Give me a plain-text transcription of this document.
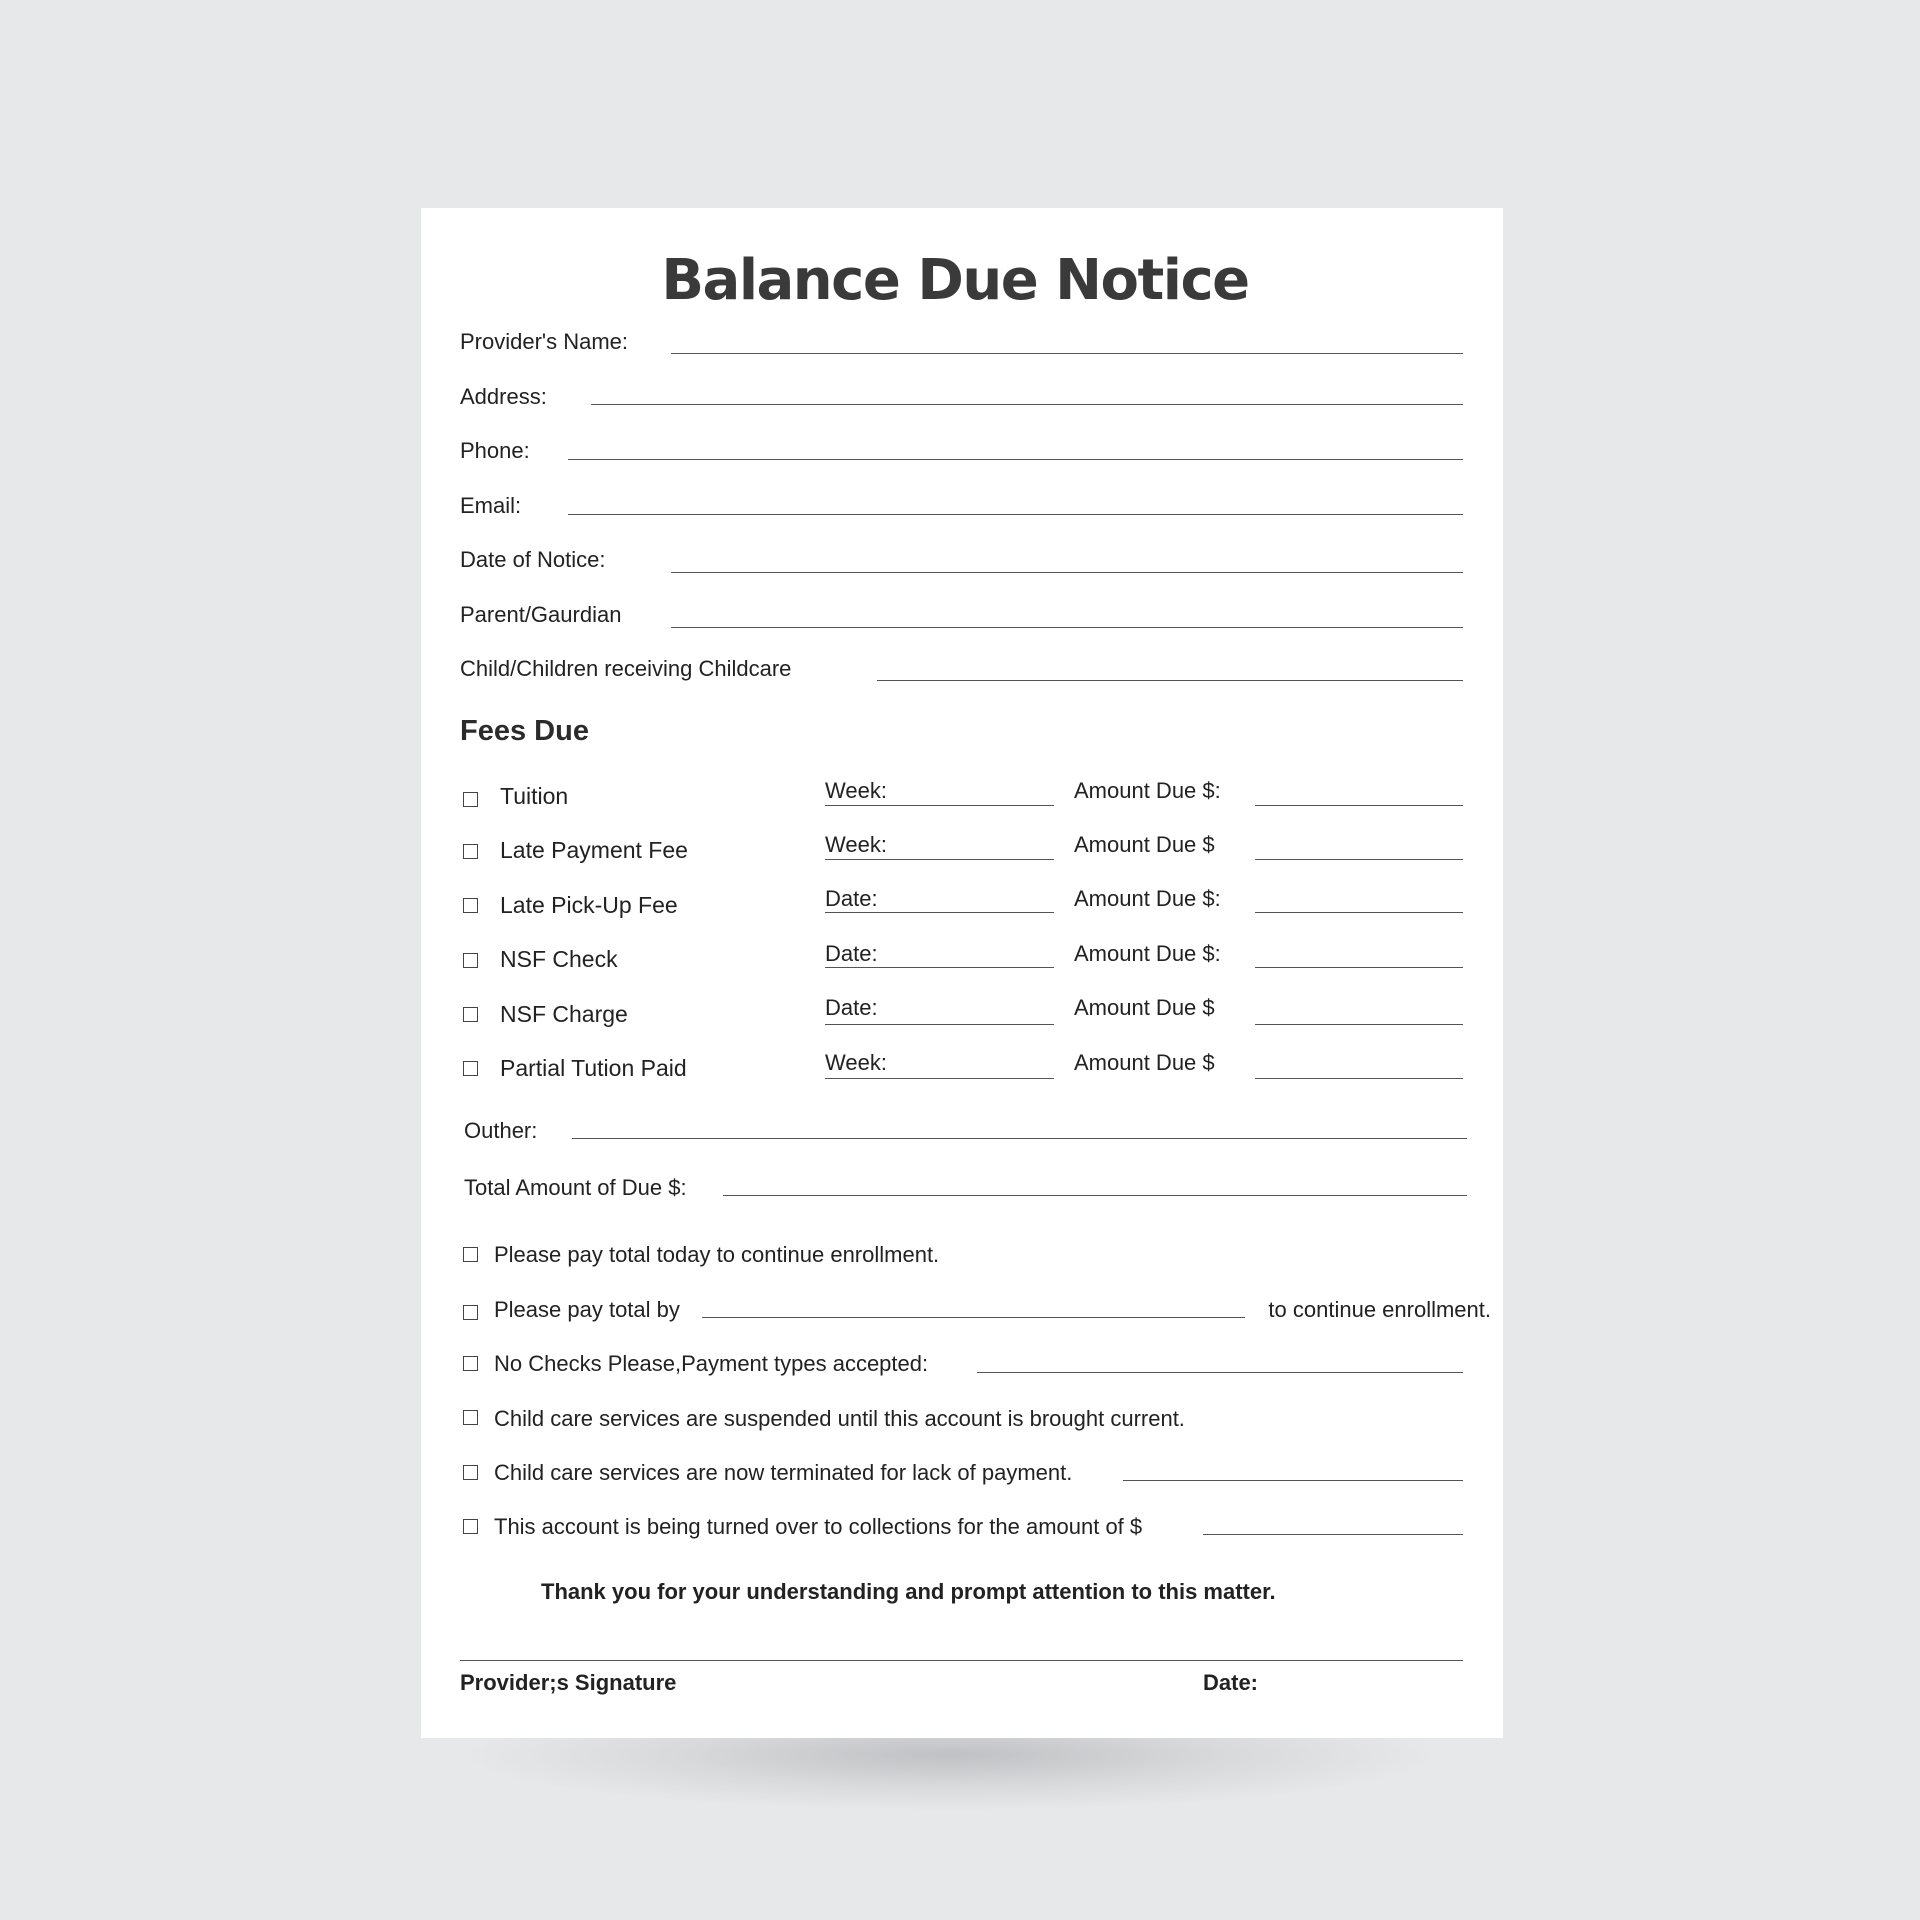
Balance Due Notice
Provider's Name:
Address:
Phone:
Email:
Date of Notice:
Parent/Gaurdian
Child/Children receiving Childcare
Fees Due
Tuition	Week:	Amount Due $:
Late Payment Fee	Week:	Amount Due $
Late Pick-Up Fee	Date:	Amount Due $:
NSF Check	Date:	Amount Due $:
NSF Charge	Date:	Amount Due $
Partial Tution Paid	Week:	Amount Due $
Outher:
Total Amount of Due $:
Please pay total today to continue enrollment.
Please pay total by	to continue enrollment.
No Checks Please,Payment types accepted:
Child care services are suspended until this account is brought current.
Child care services are now terminated for lack of payment.
This account is being turned over to collections for the amount of $
Thank you for your understanding and prompt attention to this matter.
Provider;s Signature	Date:
